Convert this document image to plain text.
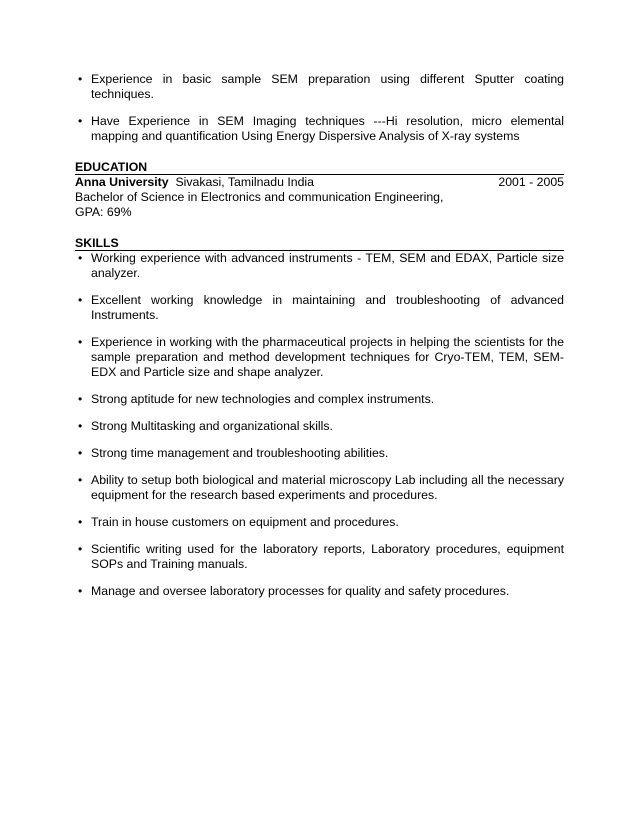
• Experience in basic sample SEM preparation using different Sputter coating techniques.
• Have Experience in SEM Imaging techniques ---Hi resolution, micro elemental mapping and quantification Using Energy Dispersive Analysis of X-ray systems
EDUCATION
Anna University Sivakasi, Tamilnadu India	2001 - 2005
Bachelor of Science in Electronics and communication Engineering,
GPA: 69%
SKILLS
• Working experience with advanced instruments - TEM, SEM and EDAX, Particle size analyzer.
• Excellent working knowledge in maintaining and troubleshooting of advanced Instruments.
• Experience in working with the pharmaceutical projects in helping the scientists for the sample preparation and method development techniques for Cryo-TEM, TEM, SEM-EDX and Particle size and shape analyzer.
• Strong aptitude for new technologies and complex instruments.
• Strong Multitasking and organizational skills.
• Strong time management and troubleshooting abilities.
• Ability to setup both biological and material microscopy Lab including all the necessary equipment for the research based experiments and procedures.
• Train in house customers on equipment and procedures.
• Scientific writing used for the laboratory reports, Laboratory procedures, equipment SOPs and Training manuals.
• Manage and oversee laboratory processes for quality and safety procedures.
